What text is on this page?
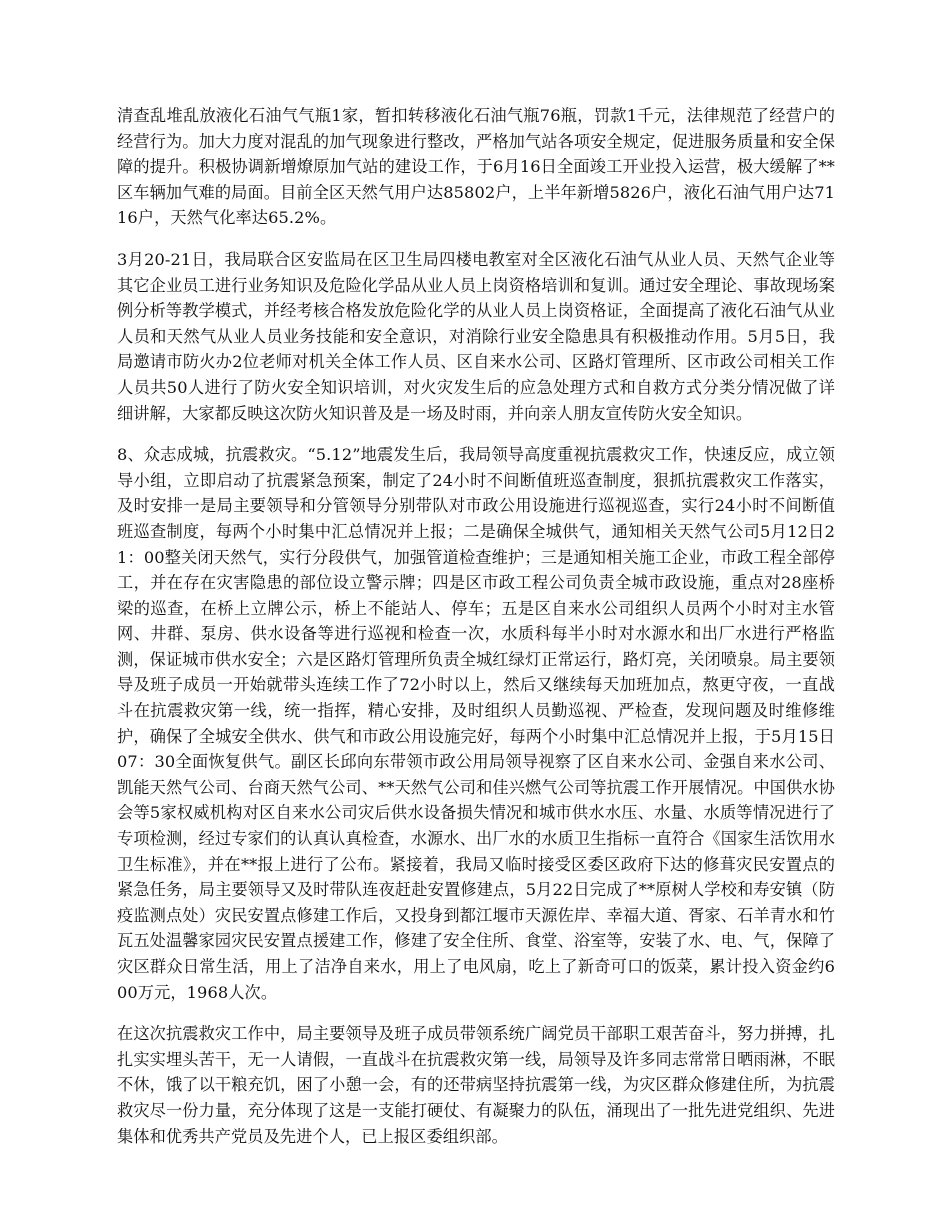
清查乱堆乱放液化石油气气瓶1家，暂扣转移液化石油气瓶76瓶，罚款1千元，法律规范了经营户的经营行为。加大力度对混乱的加气现象进行整改，严格加气站各项安全规定，促进服务质量和安全保障的提升。积极协调新增燎原加气站的建设工作，于6月16日全面竣工开业投入运营，极大缓解了**区车辆加气难的局面。目前全区天然气用户达85802户，上半年新增5826户，液化石油气用户达7116户，天然气化率达65.2%。

3月20-21日，我局联合区安监局在区卫生局四楼电教室对全区液化石油气从业人员、天然气企业等其它企业员工进行业务知识及危险化学品从业人员上岗资格培训和复训。通过安全理论、事故现场案例分析等教学模式，并经考核合格发放危险化学的从业人员上岗资格证，全面提高了液化石油气从业人员和天然气从业人员业务技能和安全意识，对消除行业安全隐患具有积极推动作用。5月5日，我局邀请市防火办2位老师对机关全体工作人员、区自来水公司、区路灯管理所、区市政公司相关工作人员共50人进行了防火安全知识培训，对火灾发生后的应急处理方式和自救方式分类分情况做了详细讲解，大家都反映这次防火知识普及是一场及时雨，并向亲人朋友宣传防火安全知识。

8、众志成城，抗震救灾。“5.12”地震发生后，我局领导高度重视抗震救灾工作，快速反应，成立领导小组，立即启动了抗震紧急预案，制定了24小时不间断值班巡查制度，狠抓抗震救灾工作落实，及时安排一是局主要领导和分管领导分别带队对市政公用设施进行巡视巡查，实行24小时不间断值班巡查制度，每两个小时集中汇总情况并上报；二是确保全城供气，通知相关天然气公司5月12日21：00整关闭天然气，实行分段供气，加强管道检查维护；三是通知相关施工企业，市政工程全部停工，并在存在灾害隐患的部位设立警示牌；四是区市政工程公司负责全城市政设施，重点对28座桥梁的巡查，在桥上立牌公示，桥上不能站人、停车；五是区自来水公司组织人员两个小时对主水管网、井群、泵房、供水设备等进行巡视和检查一次，水质科每半小时对水源水和出厂水进行严格监测，保证城市供水安全；六是区路灯管理所负责全城红绿灯正常运行，路灯亮，关闭喷泉。局主要领导及班子成员一开始就带头连续工作了72小时以上，然后又继续每天加班加点，熬更守夜，一直战斗在抗震救灾第一线，统一指挥，精心安排，及时组织人员勤巡视、严检查，发现问题及时维修维护，确保了全城安全供水、供气和市政公用设施完好，每两个小时集中汇总情况并上报，于5月15日07：30全面恢复供气。副区长邱向东带领市政公用局领导视察了区自来水公司、金强自来水公司、凯能天然气公司、台商天然气公司、**天然气公司和佳兴燃气公司等抗震工作开展情况。中国供水协会等5家权威机构对区自来水公司灾后供水设备损失情况和城市供水水压、水量、水质等情况进行了专项检测，经过专家们的认真认真检查，水源水、出厂水的水质卫生指标一直符合《国家生活饮用水卫生标准》，并在**报上进行了公布。紧接着，我局又临时接受区委区政府下达的修葺灾民安置点的紧急任务，局主要领导又及时带队连夜赶赴安置修建点，5月22日完成了**原树人学校和寿安镇（防疫监测点处）灾民安置点修建工作后，又投身到都江堰市天源佐岸、幸福大道、胥家、石羊青水和竹瓦五处温馨家园灾民安置点援建工作，修建了安全住所、食堂、浴室等，安装了水、电、气，保障了灾区群众日常生活，用上了洁净自来水，用上了电风扇，吃上了新奇可口的饭菜，累计投入资金约600万元，1968人次。

在这次抗震救灾工作中，局主要领导及班子成员带领系统广阔党员干部职工艰苦奋斗，努力拼搏，扎扎实实埋头苦干，无一人请假，一直战斗在抗震救灾第一线，局领导及许多同志常常日晒雨淋，不眠不休，饿了以干粮充饥，困了小憩一会，有的还带病坚持抗震第一线，为灾区群众修建住所，为抗震救灾尽一份力量，充分体现了这是一支能打硬仗、有凝聚力的队伍，涌现出了一批先进党组织、先进集体和优秀共产党员及先进个人，已上报区委组织部。
